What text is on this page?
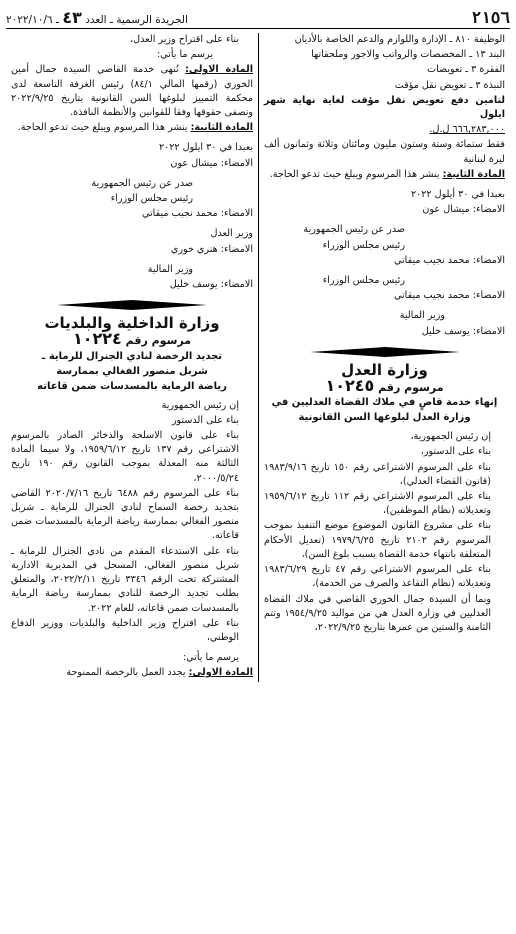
٢١٥٦
الجريدة الرسمية ـ العدد ٤٣ ـ ٢٠٢٢/١٠/٦

الوظيفة ٨١٠ ـ الإدارة واللوازم والدعم الخاصة بالأديان

البند ١٣ ـ المخصصات والرواتب والاجور وملحقاتها

الفقرة ٣ ـ تعويضات

النبذة ٣ ـ تعويض نقل مؤقت

لتامين دفع تعويض نقل مؤقت لغاية نهاية شهر ايلول

٦٦٦,٢٨٣,٠٠٠ ل.ل.

فقط ستمائة وستة وستون مليون ومائتان وثلاثة وثمانون ألف ليرة لبنانية

المادة الثانية: ينشر هذا المرسوم ويبلغ حيث تدعو الحاجة.

بعبدا في ٣٠ أيلول ٢٠٢٢

الامضاء: ميشال عون

صدر عن رئيس الجمهورية

رئيس مجلس الوزراء

الامضاء: محمد نجيب ميقاتي

رئيس مجلس الوزراء

الامضاء: محمد نجيب ميقاتي

وزير المالية

الامضاء: يوسف خليل

وزارة العدل
مرسوم رقم ١٠٢٤٥
إنهاء خدمة قاضٍ في ملاك القضاة العدليين في وزارة العدل لبلوغها السن القانونية

إن رئيس الجمهورية،

بناء على الدستور،

بناء على المرسوم الاشتراعي رقم ١٥٠ تاريخ ١٩٨٣/٩/١٦ (قانون القضاء العدلي)،

بناء على المرسوم الاشتراعي رقم ١١٢ تاريخ ١٩٥٩/٦/١٢ وتعديلاته (نظام الموظفين)،

بناء على مشروع القانون الموضوع موضع التنفيذ بموجب المرسوم رقم ٢١٠٢ تاريخ ١٩٧٩/٦/٢٥ (تعديل الأحكام المتعلقة بانتهاء خدمة القضاة بسبب بلوغ السن)،

بناء على المرسوم الاشتراعي رقم ٤٧ تاريخ ١٩٨٣/٦/٢٩ وتعديلاته (نظام التقاعد والصرف من الخدمة)،

وبما أن السيدة جمال الخوري القاضي في ملاك القضاة العدليين في وزارة العدل هي من مواليد ١٩٥٤/٩/٢٥ وتتم الثامنة والستين من عمرها بتاريخ ٢٠٢٢/٩/٢٥،

بناء على اقتراح وزير العدل،

يرسم ما يأتي:

المادة الاولى: تُنهى خدمة القاضي السيدة جمال أمين الخوري (رقمها المالي ٨٤/١) رئيس الغرفة التاسعة لدى محكمة التمييز لبلوغها السن القانونية بتاريخ ٢٠٢٢/٩/٢٥ وتصفى حقوقها وفقا للقوانين والأنظمة النافذة.

المادة الثانية: ينشر هذا المرسوم ويبلغ حيث تدعو الحاجة.

بعبدا في ٣٠ ايلول ٢٠٢٢

الامضاء: ميشال عون

صدر عن رئيس الجمهورية

رئيس مجلس الوزراء

الامضاء: محمد نجيب ميقاتي

وزير العدل

الامضاء: هنري خوري

وزير المالية

الامضاء: يوسف خليل

وزارة الداخلية والبلديات
مرسوم رقم ١٠٢٢٤
تجديد الرخصة لنادي الجنرال للرماية ـ
شربل منصور الفغالي بممارسة
رياضة الرماية بالمسدسات ضمن قاعاته

إن رئيس الجمهورية

بناء على الدستور

بناء على قانون الاسلحة والذخائر الصادر بالمرسوم الاشتراعي رقم ١٣٧ تاريخ ١٩٥٩/٦/١٢، ولا سيما المادة الثالثة منه المعدلة بموجب القانون رقم ١٩٠ تاريخ ٢٠٠٠/٥/٢٤،

بناء على المرسوم رقم ٦٤٨٨ تاريخ ٢٠٢٠/٧/١٦ القاضي بتجديد رخصة السماح لنادي الجنرال للرماية ـ شربل منصور الفغالي بممارسة رياضة الرماية بالمسدسات ضمن قاعاته.

بناء على الاستدعاء المقدم من نادي الجنرال للرماية ـ شربل منصور الفغالي، المسجل في المديرية الادارية المشتركة تحت الرقم ٣٣٤٦ تاريخ ٢٠٢٢/٢/١١، والمتعلق بطلب تجديد الرخصة للنادي بممارسة رياضة الرماية بالمسدسات ضمن قاعاته، للعام ٢٠٢٢.

بناء على اقتراح وزير الداخلية والبلديات ووزير الدفاع الوطني،

يرسم ما يأتي:

المادة الاولى: يجدد العمل بالرخصة الممنوحة
